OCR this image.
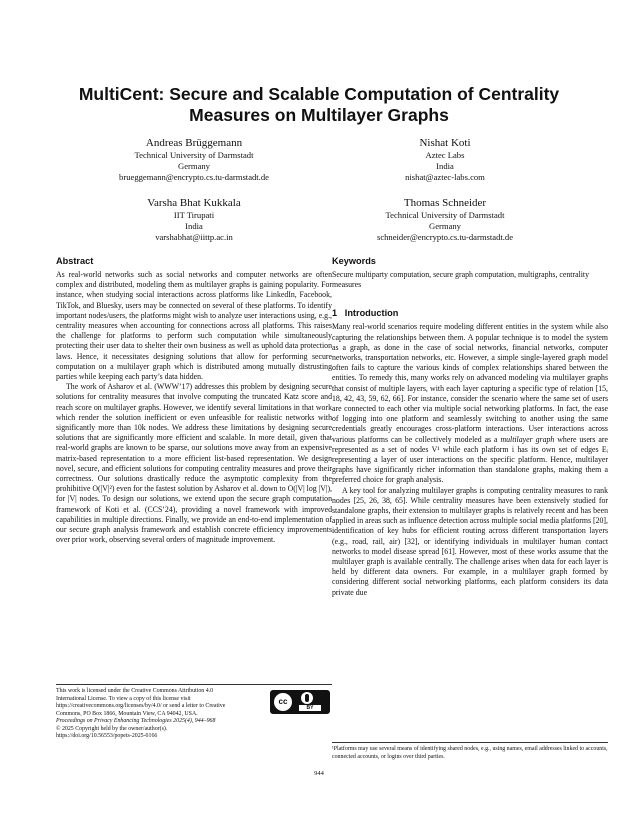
MultiCent: Secure and Scalable Computation of Centrality Measures on Multilayer Graphs
Andreas Brüggemann
Technical University of Darmstadt
Germany
brueggemann@encrypto.cs.tu-darmstadt.de
Nishat Koti
Aztec Labs
India
nishat@aztec-labs.com
Varsha Bhat Kukkala
IIT Tirupati
India
varshabhat@iittp.ac.in
Thomas Schneider
Technical University of Darmstadt
Germany
schneider@encrypto.cs.tu-darmstadt.de
Abstract

As real-world networks such as social networks and computer networks are often complex and distributed, modeling them as multilayer graphs is gaining popularity. For instance, when studying social interactions across platforms like LinkedIn, Facebook, TikTok, and Bluesky, users may be connected on several of these platforms. To identify important nodes/users, the platforms might wish to analyze user interactions using, e.g., centrality measures when accounting for connections across all platforms. This raises the challenge for platforms to perform such computation while simultaneously protecting their user data to shelter their own business as well as uphold data protection laws. Hence, it necessitates designing solutions that allow for performing secure computation on a multilayer graph which is distributed among mutually distrusting parties while keeping each party’s data hidden.

The work of Asharov et al. (WWW’17) addresses this problem by designing secure solutions for centrality measures that involve computing the truncated Katz score and reach score on multilayer graphs. However, we identify several limitations in that work which render the solution inefficient or even unfeasible for realistic networks with significantly more than 10k nodes. We address these limitations by designing secure solutions that are significantly more efficient and scalable. In more detail, given that real-world graphs are known to be sparse, our solutions move away from an expensive matrix-based representation to a more efficient list-based representation. We design novel, secure, and efficient solutions for computing centrality measures and prove their correctness. Our solutions drastically reduce the asymptotic complexity from the prohibitive O(|V|²) even for the fastest solution by Asharov et al. down to O(|V| log |V|), for |V| nodes. To design our solutions, we extend upon the secure graph computation framework of Koti et al. (CCS’24), providing a novel framework with improved capabilities in multiple directions. Finally, we provide an end-to-end implementation of our secure graph analysis framework and establish concrete efficiency improvements over prior work, observing several orders of magnitude improvement.

Keywords

Secure multiparty computation, secure graph computation, multigraphs, centrality measures

1   Introduction

Many real-world scenarios require modeling different entities in the system while also capturing the relationships between them. A popular technique is to model the system as a graph, as done in the case of social networks, financial networks, computer networks, transportation networks, etc. However, a simple single-layered graph model often fails to capture the various kinds of complex relationships shared between the entities. To remedy this, many works rely on advanced modeling via multilayer graphs that consist of multiple layers, with each layer capturing a specific type of relation [15, 18, 42, 43, 59, 62, 66]. For instance, consider the scenario where the same set of users are connected to each other via multiple social networking platforms. In fact, the ease of logging into one platform and seamlessly switching to another using the same credentials greatly encourages cross-platform interactions. User interactions across various platforms can be collectively modeled as a multilayer graph where users are represented as a set of nodes V¹ while each platform i has its own set of edges Eᵢ representing a layer of user interactions on the specific platform. Hence, multilayer graphs have significantly richer information than standalone graphs, making them a preferred choice for graph analysis.

A key tool for analyzing multilayer graphs is computing centrality measures to rank nodes [25, 26, 38, 65]. While centrality measures have been extensively studied for standalone graphs, their extension to multilayer graphs is relatively recent and has been applied in areas such as influence detection across multiple social media platforms [20], identification of key hubs for efficient routing across different transportation layers (e.g., road, rail, air) [32], or identifying individuals in multilayer human contact networks to model disease spread [61]. However, most of these works assume that the multilayer graph is available centrally. The challenge arises when data for each layer is held by different data owners. For example, in a multilayer graph formed by considering different social networking platforms, each platform considers its data private due

This work is licensed under the Creative Commons Attribution 4.0 International License. To view a copy of this license visit https://creativecommons.org/licenses/by/4.0/ or send a letter to Creative Commons, PO Box 1866, Mountain View, CA 94042, USA.
cc
BY
Proceedings on Privacy Enhancing Technologies 2025(4), 944–968
© 2025 Copyright held by the owner/author(s).
https://doi.org/10.56553/popets-2025-0166
¹Platforms may use several means of identifying shared nodes, e.g., using names, email addresses linked to accounts, connected accounts, or logins over third parties.
944
